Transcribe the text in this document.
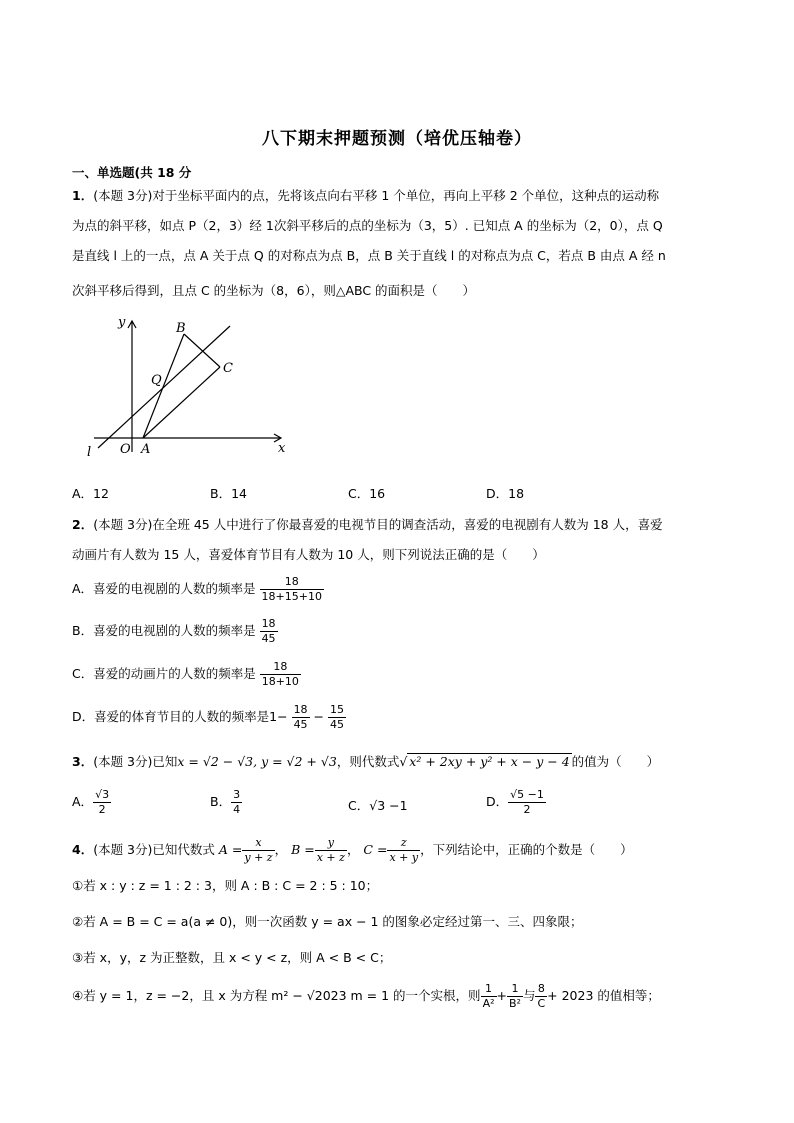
八下期末押题预测（培优压轴卷）
一、单选题(共 18 分
1．(本题 3分)对于坐标平面内的点，先将该点向右平移 1 个单位，再向上平移 2 个单位，这种点的运动称
为点的斜平移，如点 P（2，3）经 1次斜平移后的点的坐标为（3，5）. 已知点 A 的坐标为（2，0），点 Q
是直线 l 上的一点，点 A 关于点 Q 的对称点为点 B，点 B 关于直线 l 的对称点为点 C，若点 B 由点 A 经 n
次斜平移后得到，且点 C 的坐标为（8，6），则△ABC 的面积是（　　）
y
x
B
C
Q
O A
l
A．12	B．14	C．16	D．18
2．(本题 3分)在全班 45 人中进行了你最喜爱的电视节目的调查活动，喜爱的电视剧有人数为 18 人，喜爱
动画片有人数为 15 人，喜爱体育节目有人数为 10 人，则下列说法正确的是（　　）
A．喜爱的电视剧的人数的频率是 $\frac{18}{18+15+10}$
B．喜爱的电视剧的人数的频率是 $\frac{18}{45}$
C．喜爱的动画片的人数的频率是 $\frac{18}{18+10}$
D．喜爱的体育节目的人数的频率是$1- \frac{18}{45} - \frac{15}{45}$
3．(本题 3分)已知x = √2 − √3, y = √2 + √3，则代数式√ x² + 2xy + y² + x − y − 4 的值为（　　）
A． $\frac{√3}{2}$	B． $\frac{3}{4}$	C．√3 −1	D． $\frac{√5 -1}{2}$
4．(本题 3分)已知代数式 $A = \frac{x}{y + z}$ ， $B = \frac{y}{x + z}$ ， $C = \frac{z}{x + y}$ ，下列结论中，正确的个数是（　　）
①若 x : y : z = 1 : 2 : 3，则 A : B : C = 2 : 5 : 10；
②若 A = B = C = a(a ≠ 0)，则一次函数 y = ax − 1 的图象必定经过第一、三、四象限；
③若 x，y，z 为正整数，且 x < y < z，则 A < B < C；
④若 y = 1，z = −2，且 x 为方程 m² − √2023 m = 1 的一个实根，则 $\frac{1}{\text{A²}} + \frac{1}{\text{B²}}$ 与 $\frac{8}{C} + 2023$ 的值相等；
